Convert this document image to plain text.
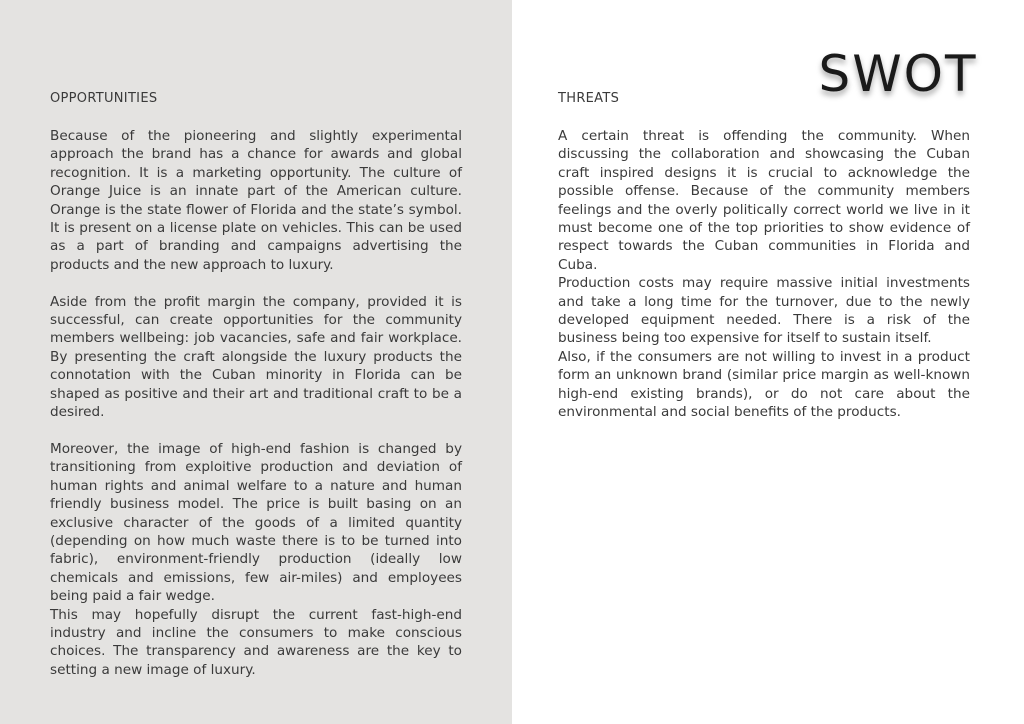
OPPORTUNITIES

Because of the pioneering and slightly experimental approach the brand has a chance for awards and global recognition. It is a marketing opportunity. The culture of Orange Juice is an innate part of the American culture. Orange is the state flower of Florida and the state’s symbol. It is present on a license plate on vehicles. This can be used as a part of branding and campaigns advertising the products and the new approach to luxury.

Aside from the profit margin the company, provided it is successful, can create opportunities for the community members wellbeing: job vacancies, safe and fair workplace. By presenting the craft alongside the luxury products the connotation with the Cuban minority in Florida can be shaped as positive and their art and traditional craft to be a desired.

Moreover, the image of high-end fashion is changed by transitioning from exploitive production and deviation of human rights and animal welfare to a nature and human friendly business model. The price is built basing on an exclusive character of the goods of a limited quantity (depending on how much waste there is to be turned into fabric), environment-friendly production (ideally low chemicals and emissions, few air-miles) and employees being paid a fair wedge.

This may hopefully disrupt the current fast-high-end industry and incline the consumers to make conscious choices. The transparency and awareness are the key to setting a new image of luxury.

SWOT
THREATS

A certain threat is offending the community. When discussing the collaboration and showcasing the Cuban craft inspired designs it is crucial to acknowledge the possible offense. Because of the community members feelings and the overly politically correct world we live in it must become one of the top priorities to show evidence of respect towards the Cuban communities in Florida and Cuba.

Production costs may require massive initial investments and take a long time for the turnover, due to the newly developed equipment needed. There is a risk of the business being too expensive for itself to sustain itself.

Also, if the consumers are not willing to invest in a product form an unknown brand (similar price margin as well-known high-end existing brands), or do not care about the environmental and social benefits of the products.
